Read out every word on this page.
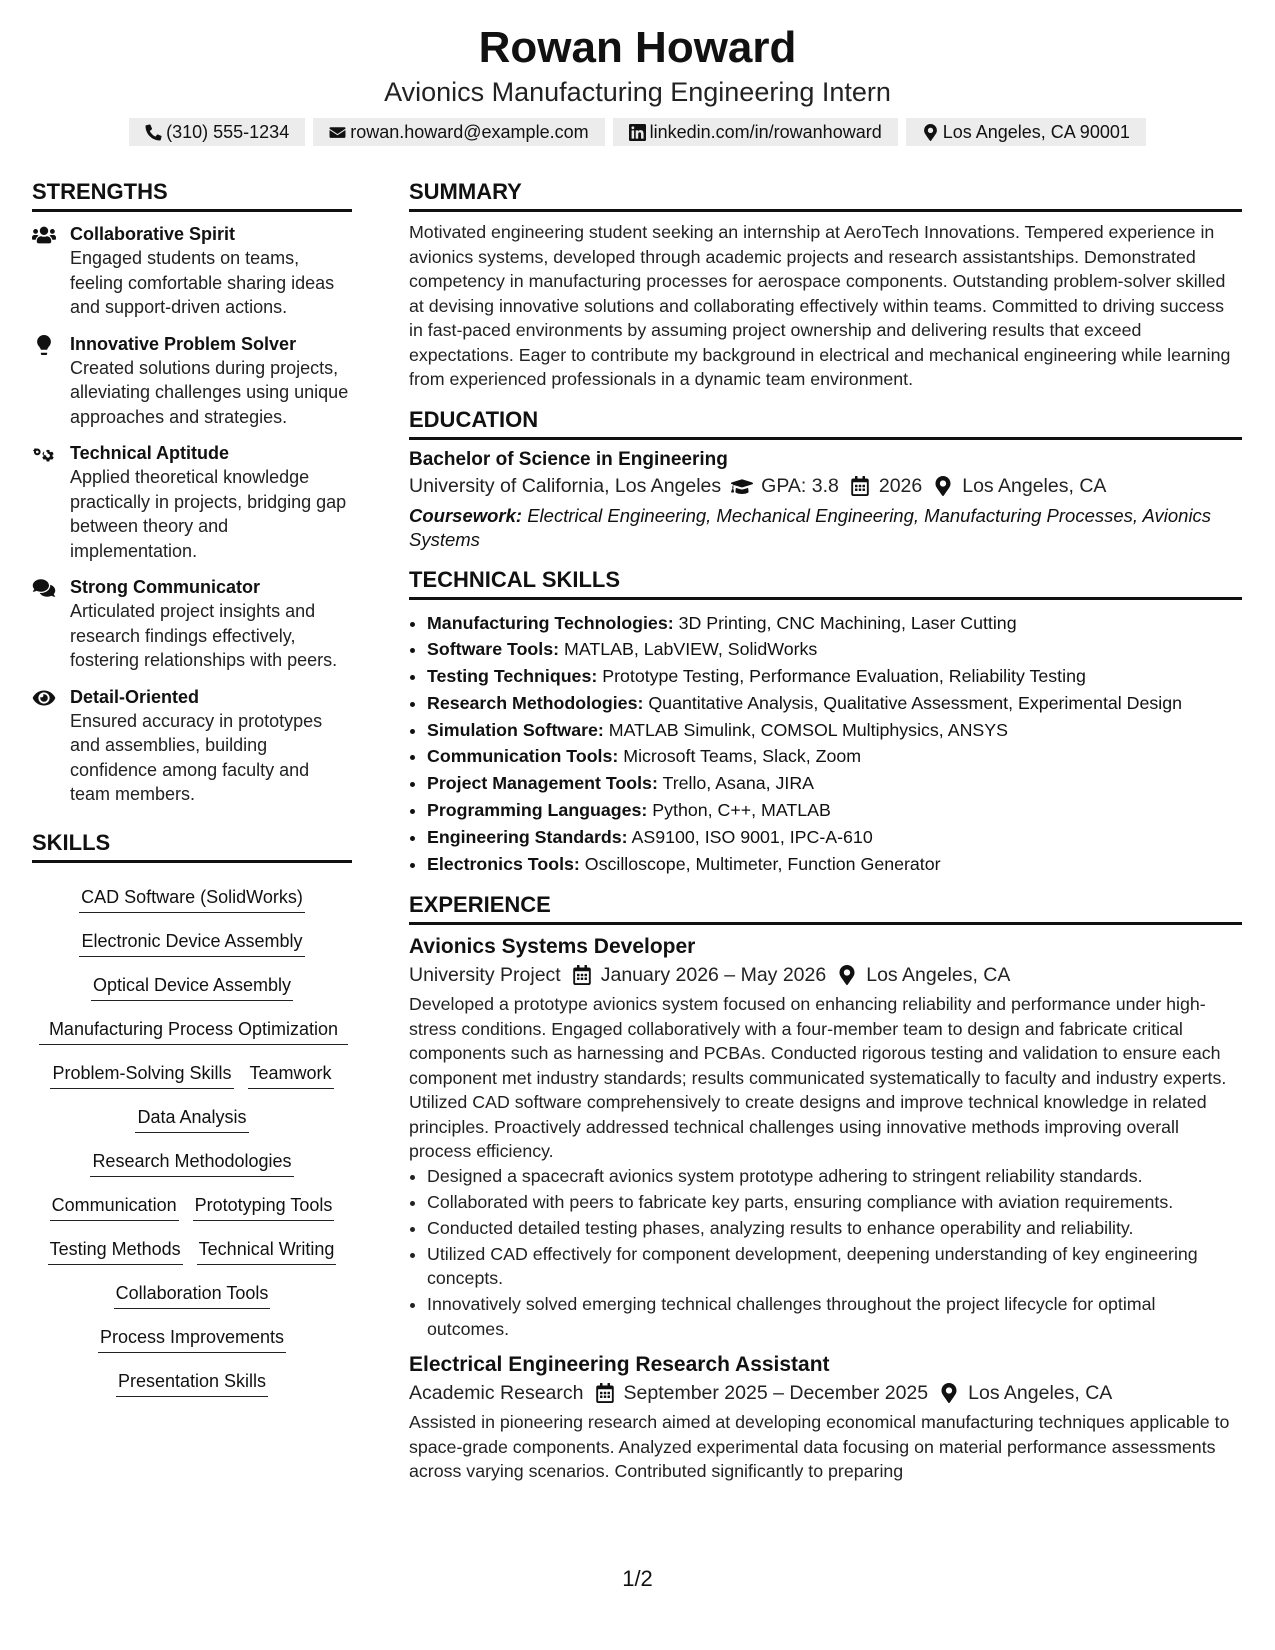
Rowan Howard
Avionics Manufacturing Engineering Intern
(310) 555-1234	rowan.howard@example.com	linkedin.com/in/rowanhoward	Los Angeles, CA 90001
STRENGTHS
Collaborative Spirit
Engaged students on teams, feeling comfortable sharing ideas and support-driven actions.
Innovative Problem Solver
Created solutions during projects, alleviating challenges using unique approaches and strategies.
Technical Aptitude
Applied theoretical knowledge practically in projects, bridging gap between theory and implementation.
Strong Communicator
Articulated project insights and research findings effectively, fostering relationships with peers.
Detail-Oriented
Ensured accuracy in prototypes and assemblies, building confidence among faculty and team members.
SKILLS
CAD Software (SolidWorks)
Electronic Device Assembly
Optical Device Assembly
Manufacturing Process Optimization
Problem-Solving Skills Teamwork
Data Analysis
Research Methodologies
Communication Prototyping Tools
Testing Methods Technical Writing
Collaboration Tools
Process Improvements
Presentation Skills
SUMMARY
Motivated engineering student seeking an internship at AeroTech Innovations. Tempered experience in avionics systems, developed through academic projects and research assistantships. Demonstrated competency in manufacturing processes for aerospace components. Outstanding problem-solver skilled at devising innovative solutions and collaborating effectively within teams. Committed to driving success in fast-paced environments by assuming project ownership and delivering results that exceed expectations. Eager to contribute my background in electrical and mechanical engineering while learning from experienced professionals in a dynamic team environment.
EDUCATION
Bachelor of Science in Engineering
University of California, Los Angeles GPA: 3.8 2026 Los Angeles, CA
Coursework: Electrical Engineering, Mechanical Engineering, Manufacturing Processes, Avionics Systems
TECHNICAL SKILLS
• Manufacturing Technologies: 3D Printing, CNC Machining, Laser Cutting
• Software Tools: MATLAB, LabVIEW, SolidWorks
• Testing Techniques: Prototype Testing, Performance Evaluation, Reliability Testing
• Research Methodologies: Quantitative Analysis, Qualitative Assessment, Experimental Design
• Simulation Software: MATLAB Simulink, COMSOL Multiphysics, ANSYS
• Communication Tools: Microsoft Teams, Slack, Zoom
• Project Management Tools: Trello, Asana, JIRA
• Programming Languages: Python, C++, MATLAB
• Engineering Standards: AS9100, ISO 9001, IPC-A-610
• Electronics Tools: Oscilloscope, Multimeter, Function Generator
EXPERIENCE
Avionics Systems Developer
University Project January 2026 – May 2026 Los Angeles, CA
Developed a prototype avionics system focused on enhancing reliability and performance under high-stress conditions. Engaged collaboratively with a four-member team to design and fabricate critical components such as harnessing and PCBAs. Conducted rigorous testing and validation to ensure each component met industry standards; results communicated systematically to faculty and industry experts. Utilized CAD software comprehensively to create designs and improve technical knowledge in related principles. Proactively addressed technical challenges using innovative methods improving overall process efficiency.
• Designed a spacecraft avionics system prototype adhering to stringent reliability standards.
• Collaborated with peers to fabricate key parts, ensuring compliance with aviation requirements.
• Conducted detailed testing phases, analyzing results to enhance operability and reliability.
• Utilized CAD effectively for component development, deepening understanding of key engineering concepts.
• Innovatively solved emerging technical challenges throughout the project lifecycle for optimal outcomes.
Electrical Engineering Research Assistant
Academic Research September 2025 – December 2025 Los Angeles, CA
Assisted in pioneering research aimed at developing economical manufacturing techniques applicable to space-grade components. Analyzed experimental data focusing on material performance assessments across varying scenarios. Contributed significantly to preparing
1/2
